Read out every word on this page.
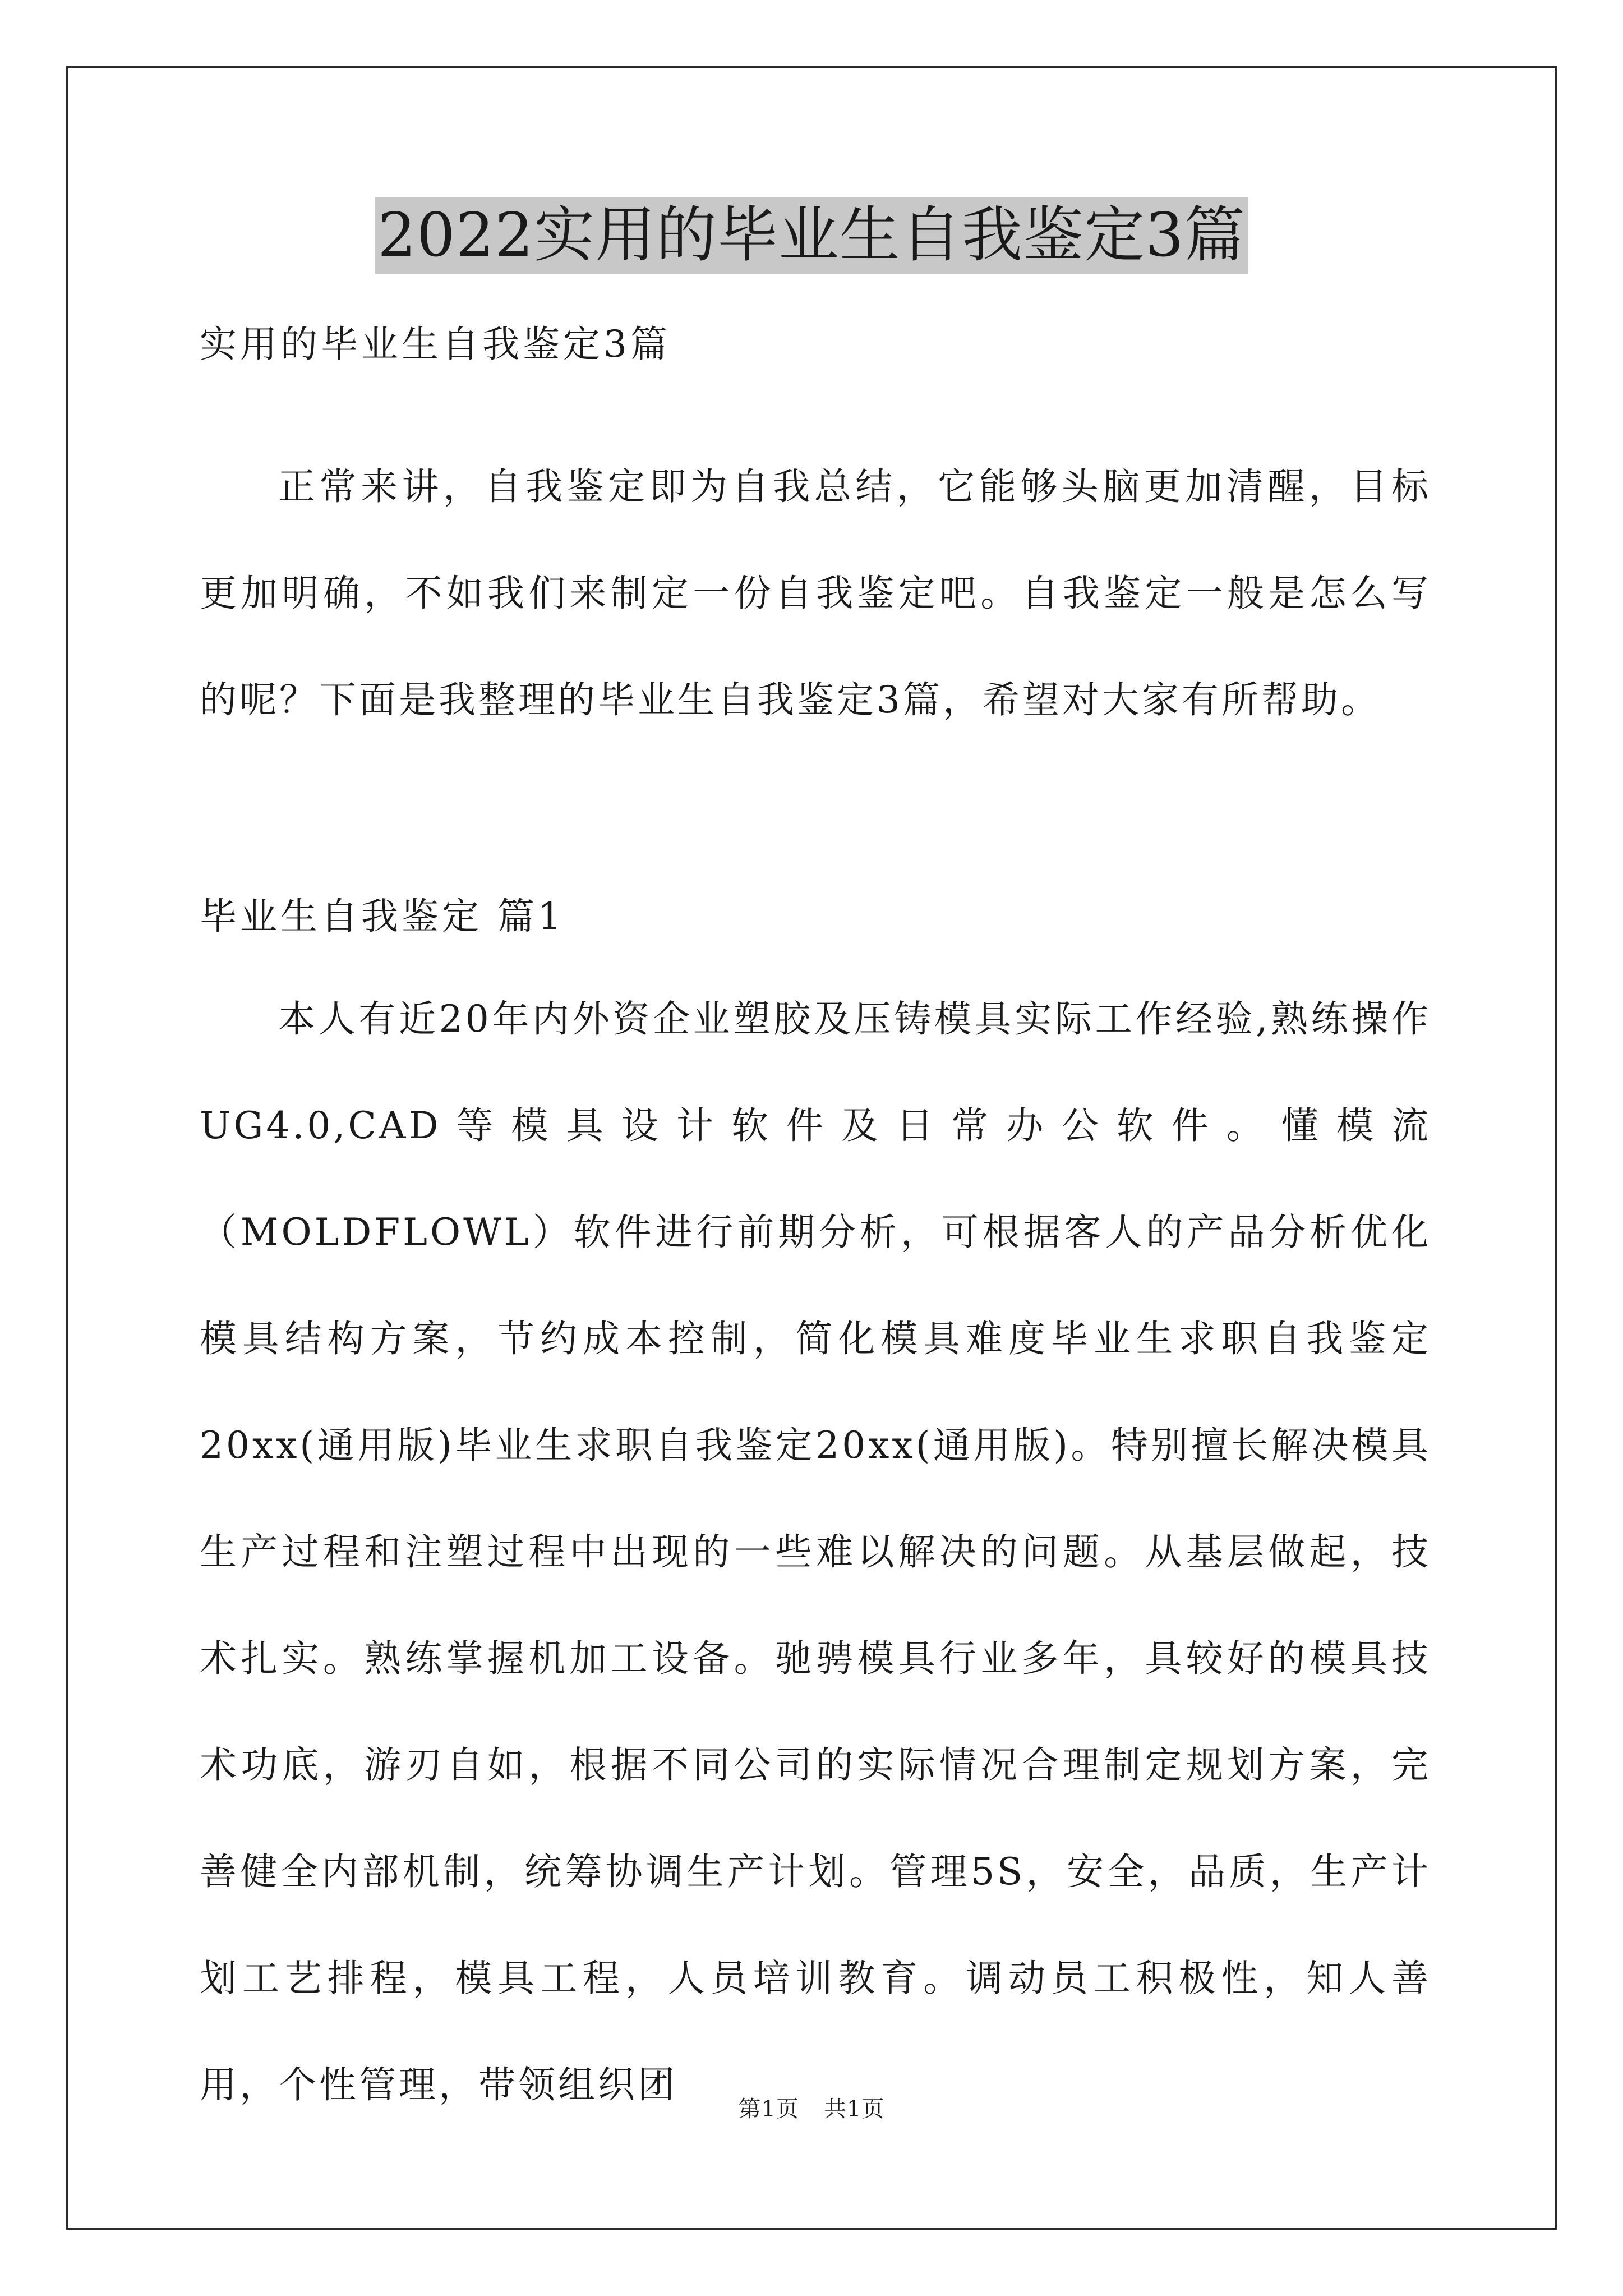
2022实用的毕业生自我鉴定3篇

实用的毕业生自我鉴定3篇

正常来讲，自我鉴定即为自我总结，它能够头脑更加清醒，目标更加明确，不如我们来制定一份自我鉴定吧。自我鉴定一般是怎么写的呢？下面是我整理的毕业生自我鉴定3篇，希望对大家有所帮助。

毕业生自我鉴定 篇1

本人有近20年内外资企业塑胶及压铸模具实际工作经验,熟练操作UG4.0,CAD等模具设计软件及日常办公软件。懂模流（MOLDFLOWL）软件进行前期分析，可根据客人的产品分析优化模具结构方案，节约成本控制，简化模具难度毕业生求职自我鉴定20xx(通用版)毕业生求职自我鉴定20xx(通用版)。特别擅长解决模具生产过程和注塑过程中出现的一些难以解决的问题。从基层做起，技术扎实。熟练掌握机加工设备。驰骋模具行业多年，具较好的模具技术功底，游刃自如，根据不同公司的实际情况合理制定规划方案，完善健全内部机制，统筹协调生产计划。管理5S，安全，品质，生产计划工艺排程，模具工程，人员培训教育。调动员工积极性，知人善用，个性管理，带领组织团

第1页 共1页
